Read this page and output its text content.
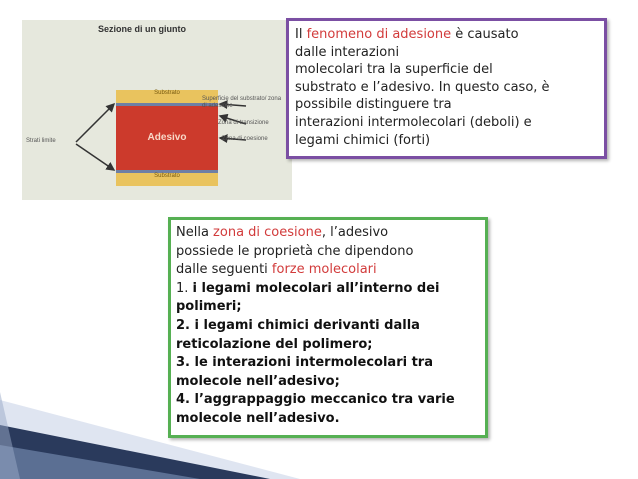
Sezione di un giunto
Substrato
Adesivo
Substrato
Strati limite
Superficie del substrato/ zona di adesione
Zona di transizione
Zona di coesione
Il fenomeno di adesione è causato
dalle interazioni
molecolari tra la superficie del
substrato e l’adesivo. In questo caso, è
possibile distinguere tra
interazioni intermolecolari (deboli) e
legami chimici (forti)
Nella zona di coesione, l’adesivo
possiede le proprietà che dipendono
dalle seguenti forze molecolari
1. i legami molecolari all’interno dei
polimeri;
2. i legami chimici derivanti dalla
reticolazione del polimero;
3. le interazioni intermolecolari tra
molecole nell’adesivo;
4. l’aggrappaggio meccanico tra varie
molecole nell’adesivo.
